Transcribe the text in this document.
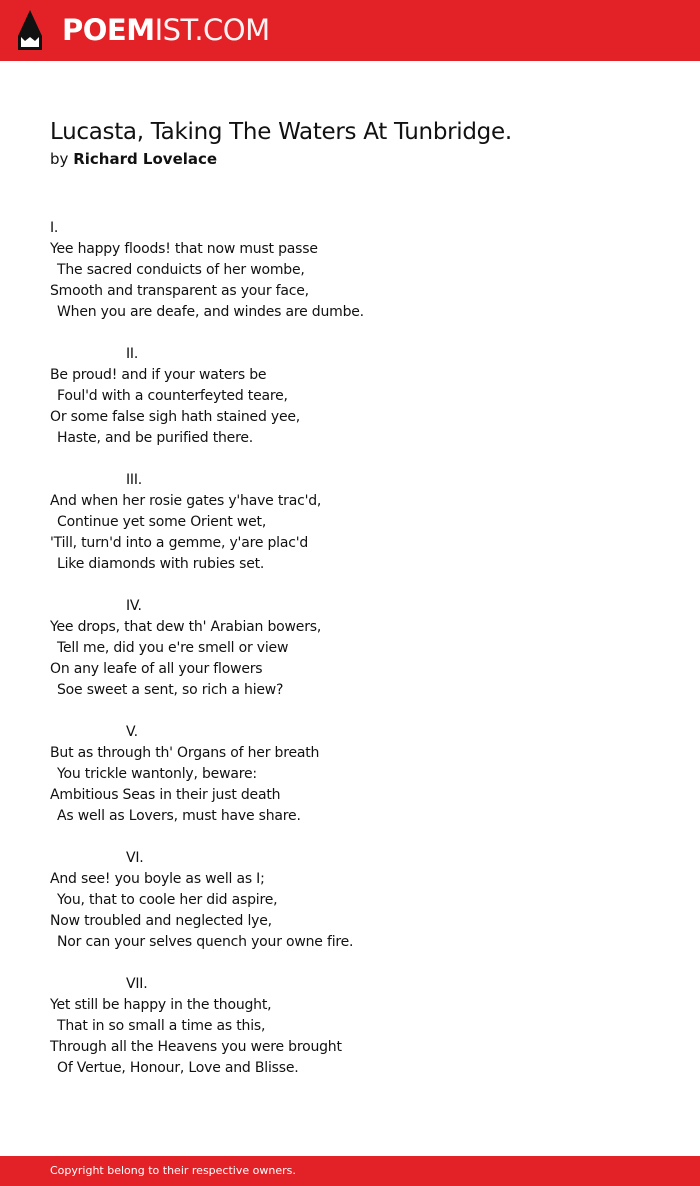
POEMIST.COM
Lucasta, Taking The Waters At Tunbridge.
by Richard Lovelace
I.
Yee happy floods! that now must passe
The sacred conduicts of her wombe,
Smooth and transparent as your face,
When you are deafe, and windes are dumbe.
II.
Be proud! and if your waters be
Foul'd with a counterfeyted teare,
Or some false sigh hath stained yee,
Haste, and be purified there.
III.
And when her rosie gates y'have trac'd,
Continue yet some Orient wet,
'Till, turn'd into a gemme, y'are plac'd
Like diamonds with rubies set.
IV.
Yee drops, that dew th' Arabian bowers,
Tell me, did you e're smell or view
On any leafe of all your flowers
Soe sweet a sent, so rich a hiew?
V.
But as through th' Organs of her breath
You trickle wantonly, beware:
Ambitious Seas in their just death
As well as Lovers, must have share.
VI.
And see! you boyle as well as I;
You, that to coole her did aspire,
Now troubled and neglected lye,
Nor can your selves quench your owne fire.
VII.
Yet still be happy in the thought,
That in so small a time as this,
Through all the Heavens you were brought
Of Vertue, Honour, Love and Blisse.
Copyright belong to their respective owners.
